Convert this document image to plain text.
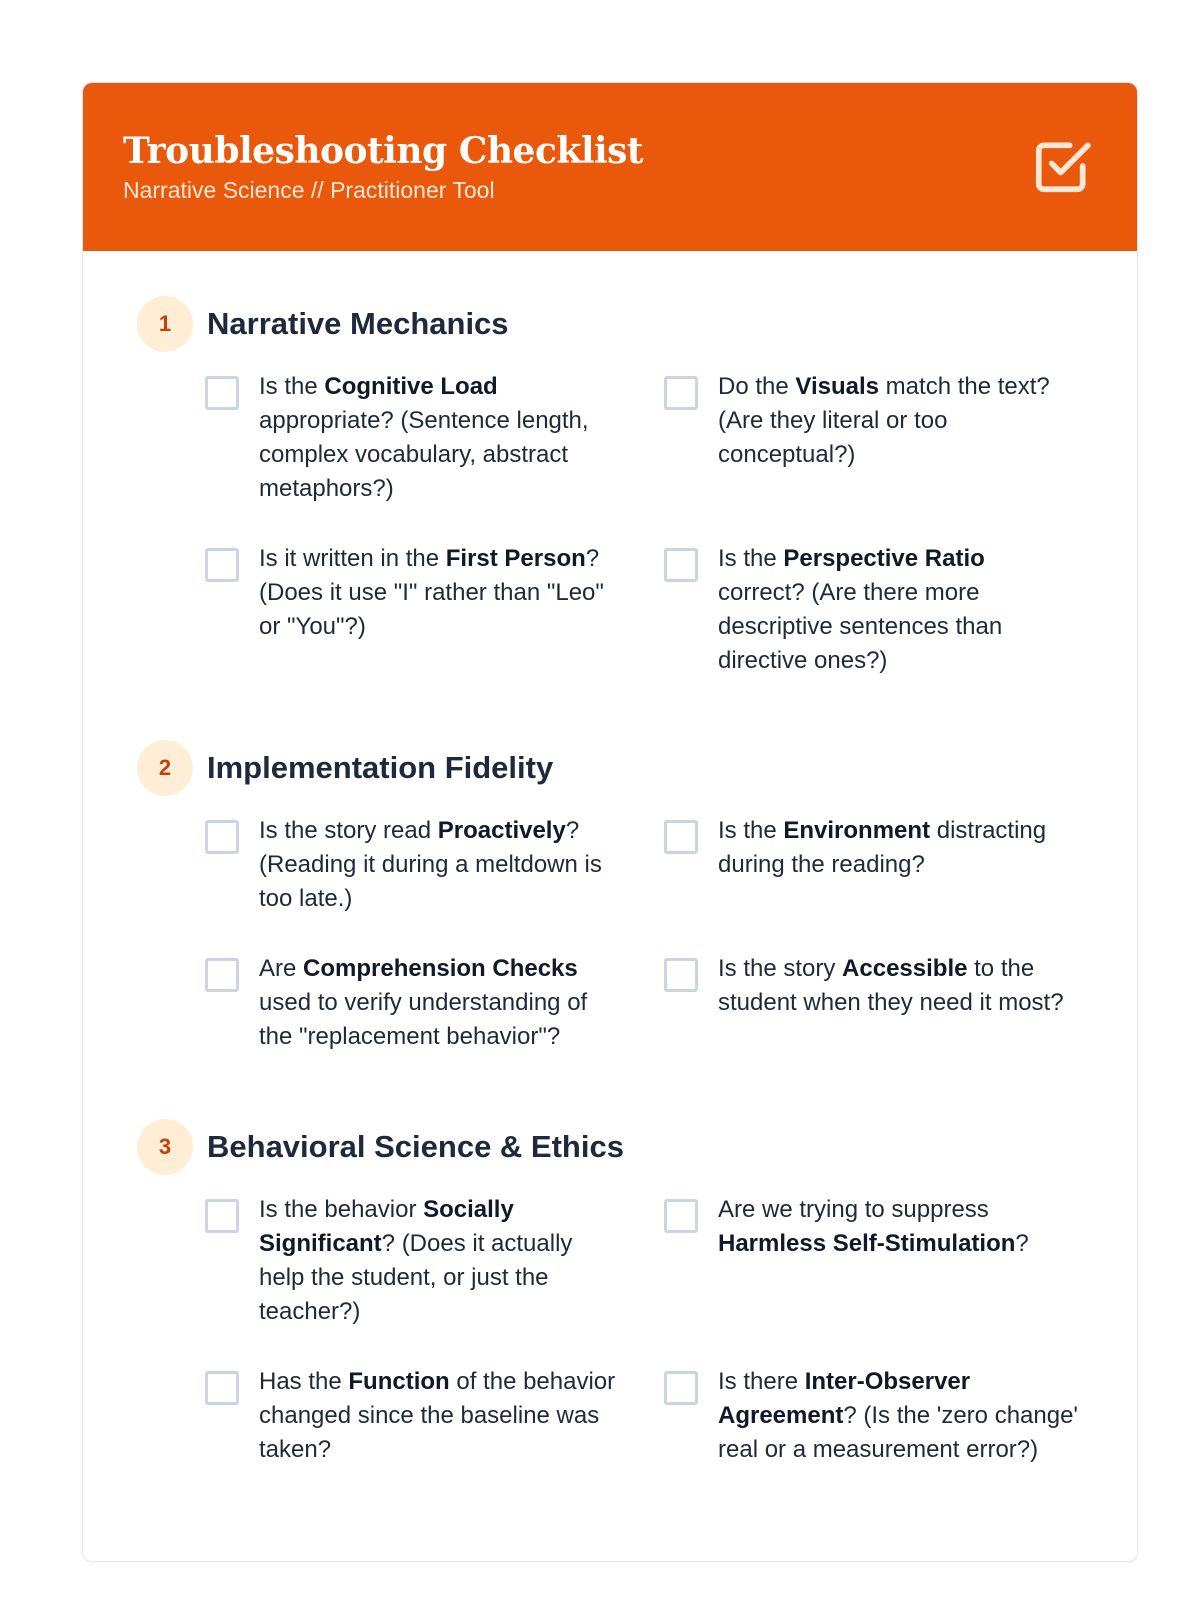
Troubleshooting Checklist
Narrative Science // Practitioner Tool
1	Narrative Mechanics
Is the Cognitive Load appropriate? (Sentence length, complex vocabulary, abstract metaphors?)
Do the Visuals match the text? (Are they literal or too conceptual?)
Is it written in the First Person? (Does it use "I" rather than "Leo" or "You"?)
Is the Perspective Ratio correct? (Are there more descriptive sentences than directive ones?)
2	Implementation Fidelity
Is the story read Proactively? (Reading it during a meltdown is too late.)
Is the Environment distracting during the reading?
Are Comprehension Checks used to verify understanding of the "replacement behavior"?
Is the story Accessible to the student when they need it most?
3	Behavioral Science & Ethics
Is the behavior Socially Significant? (Does it actually help the student, or just the teacher?)
Are we trying to suppress Harmless Self-Stimulation?
Has the Function of the behavior changed since the baseline was taken?
Is there Inter-Observer Agreement? (Is the 'zero change' real or a measurement error?)
